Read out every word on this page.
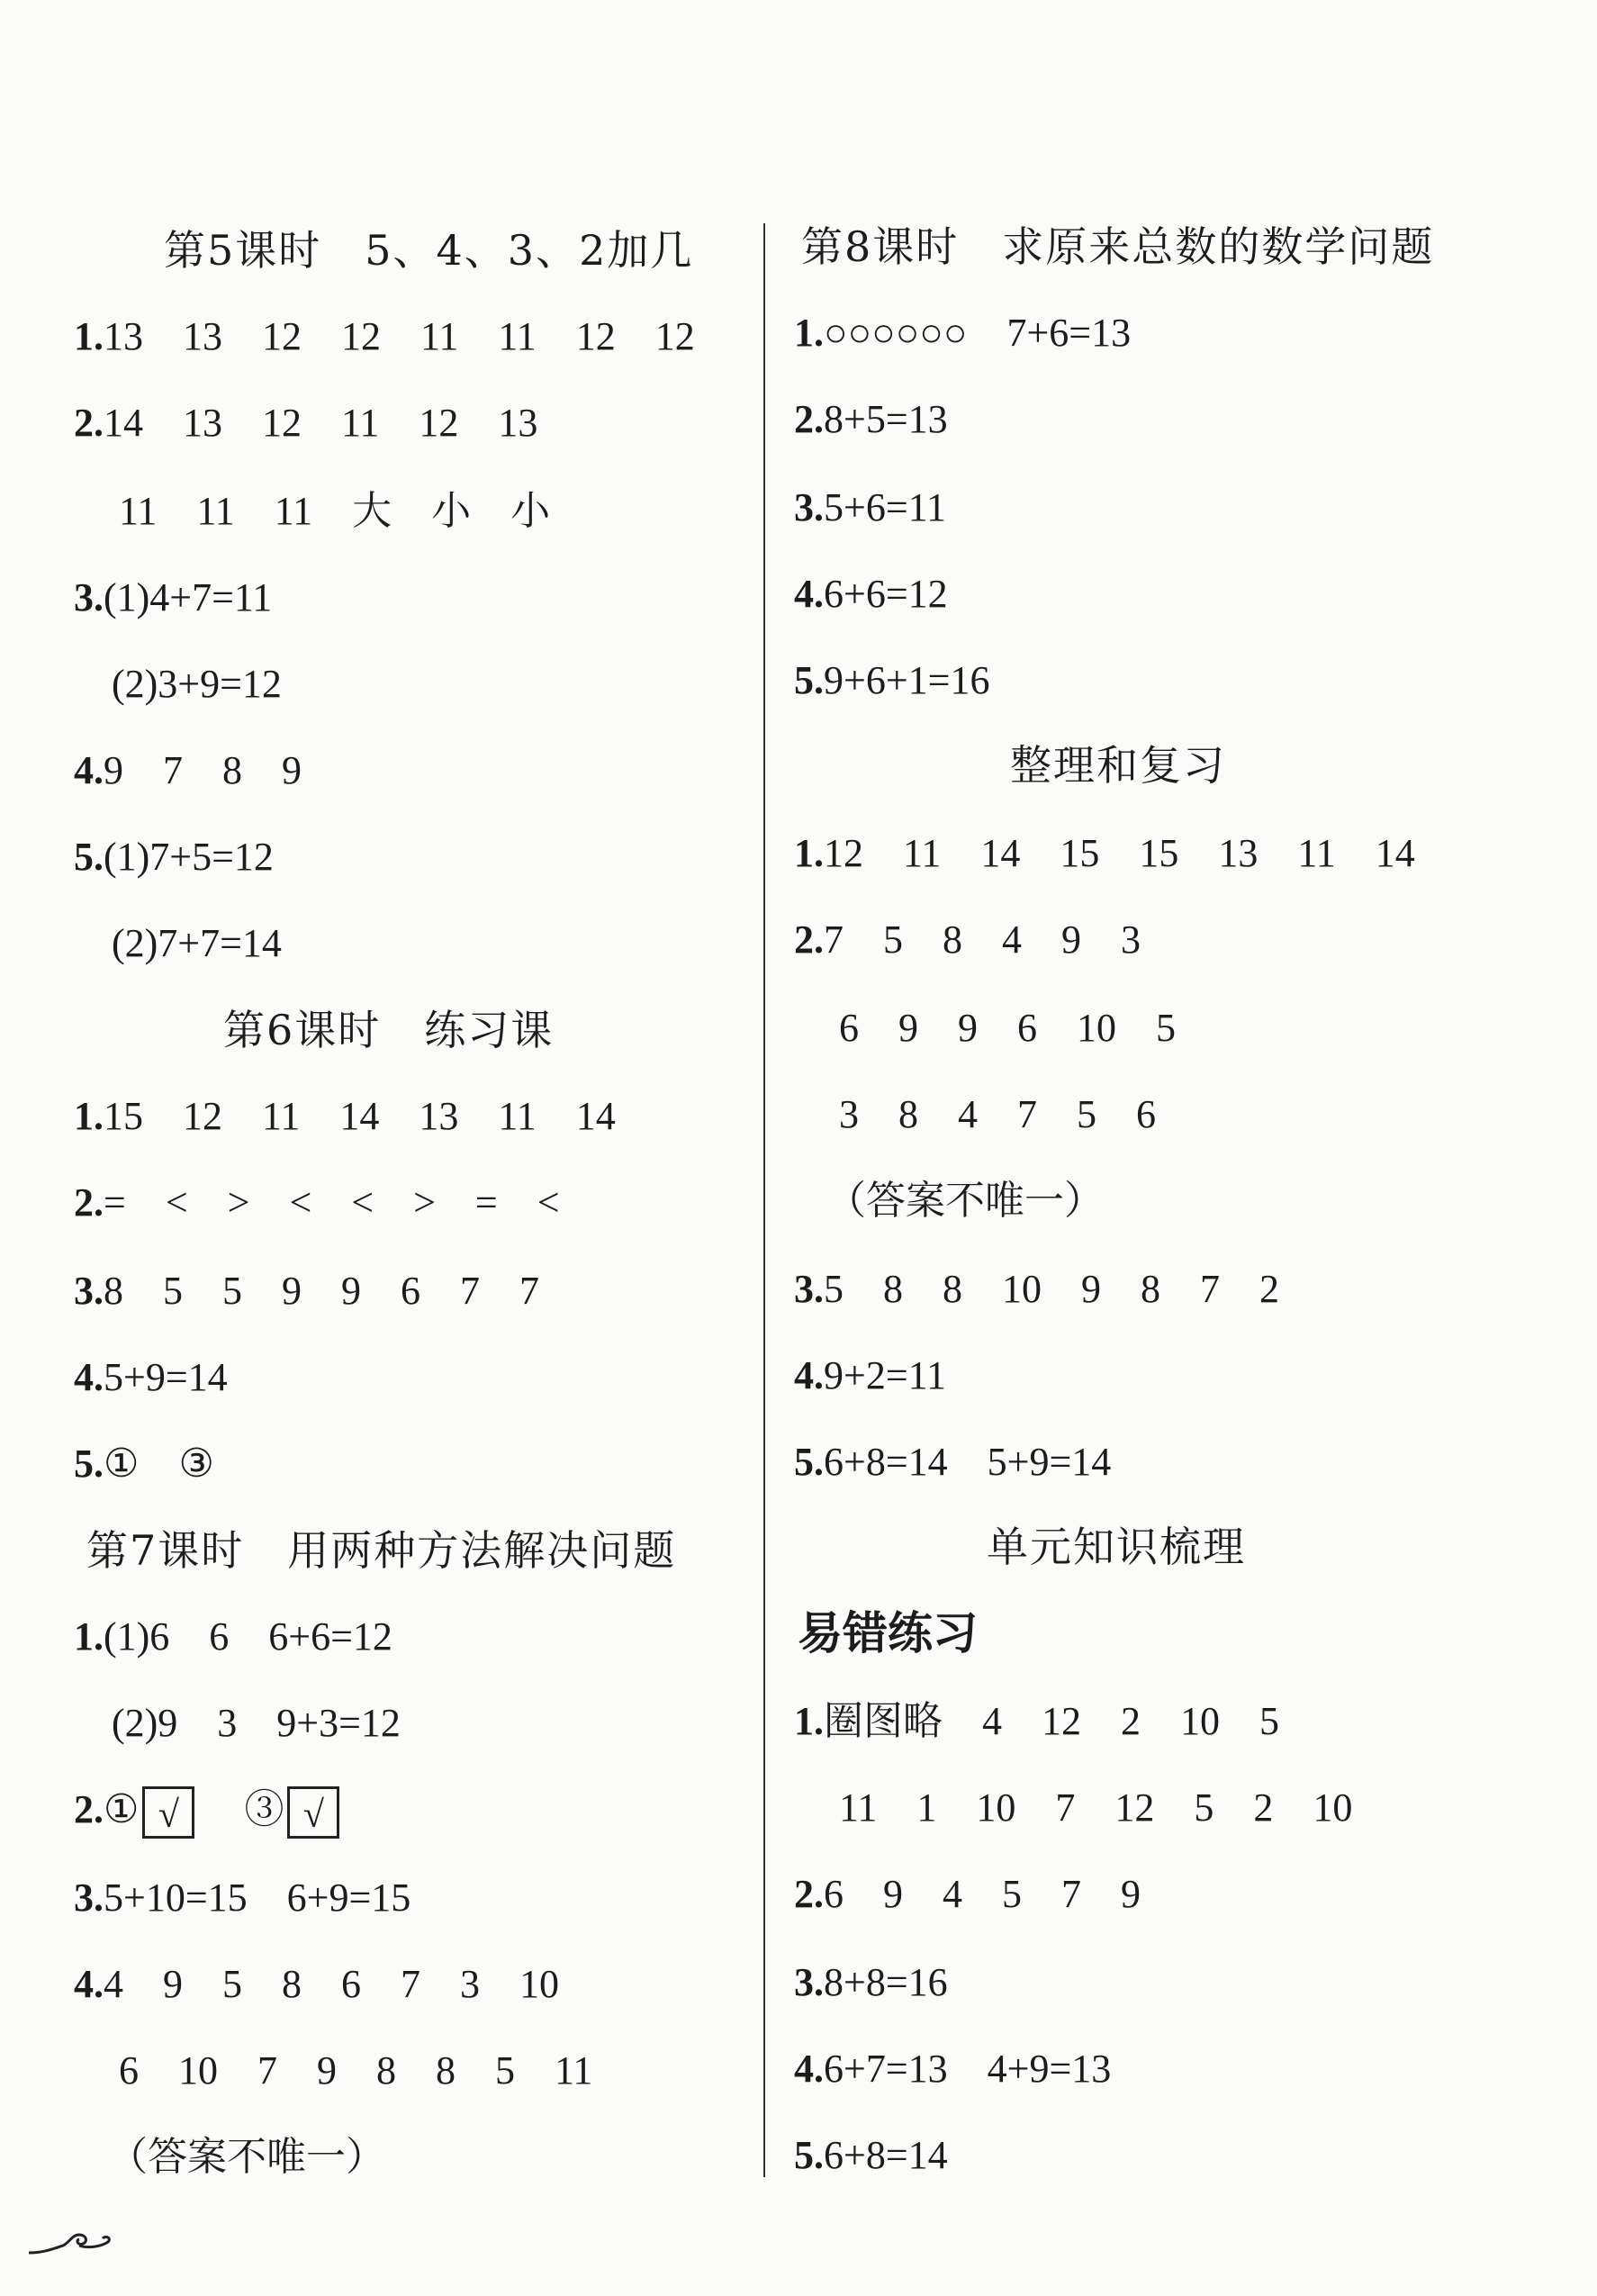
第5课时　5、4、3、2加几
1.13　13　12　12　11　11　12　12
2.14　13　12　11　12　13
11　11　11　大　小　小
3.(1)4+7=11
(2)3+9=12
4.9　7　8　9
5.(1)7+5=12
(2)7+7=14
第6课时　练习课
1.15　12　11　14　13　11　14
2.=　<　>　<　<　>　=　<
3.8　5　5　9　9　6　7　7
4.5+9=14
5.①　③
第7课时　用两种方法解决问题
1.(1)6　6　6+6=12
(2)9　3　9+3=12
2.① √　 ③ √
3.5+10=15　6+9=15
4.4　9　5　8　6　7　3　10
6　10　7　9　8　8　5　11
（答案不唯一）
第8课时　求原来总数的数学问题
1.○○○○○○　7+6=13
2.8+5=13
3.5+6=11
4.6+6=12
5.9+6+1=16
整理和复习
1.12　11　14　15　15　13　11　14
2.7　5　8　4　9　3
6　9　9　6　10　5
3　8　4　7　5　6
（答案不唯一）
3.5　8　8　10　9　8　7　2
4.9+2=11
5.6+8=14　5+9=14
单元知识梳理
易错练习
1.圈图略　4　12　2　10　5
11　1　10　7　12　5　2　10
2.6　9　4　5　7　9
3.8+8=16
4.6+7=13　4+9=13
5.6+8=14
